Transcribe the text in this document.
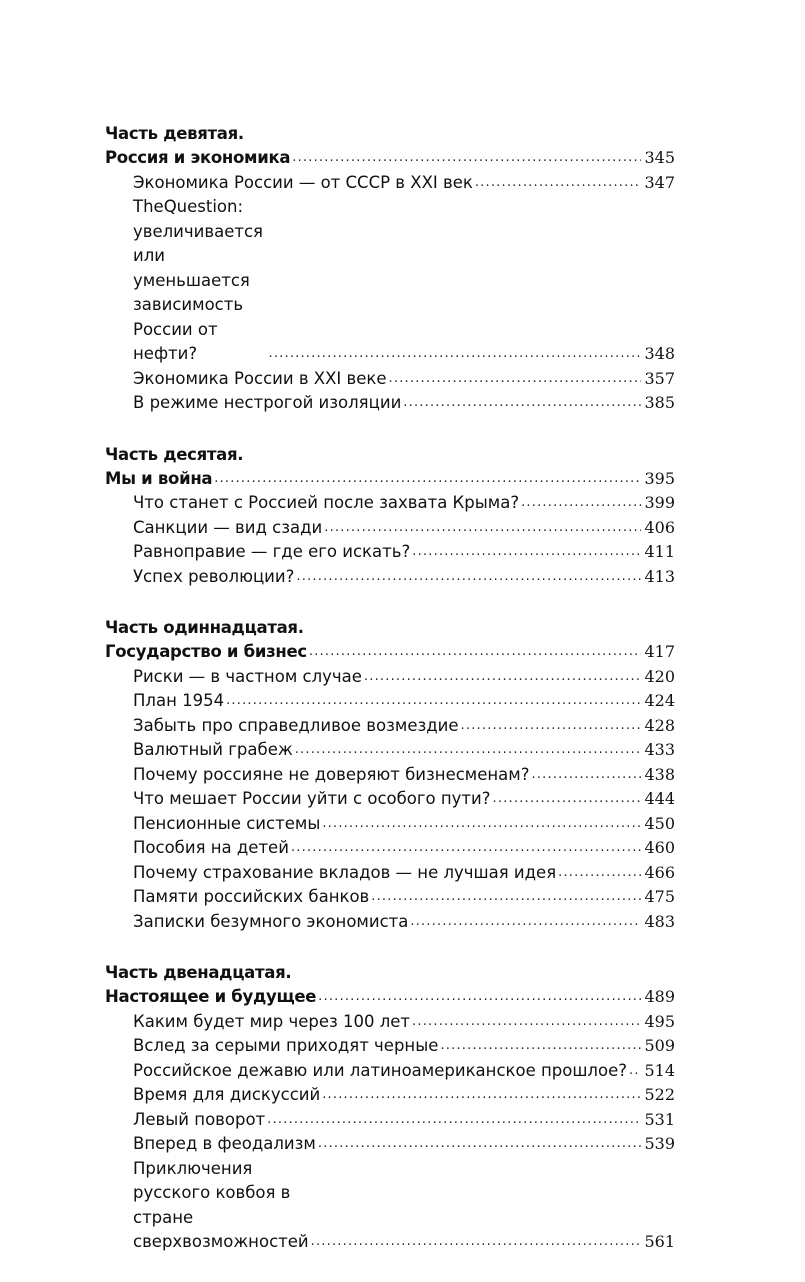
Часть девятая.
Россия и экономика .....	345
Экономика России — от СССР в XXI век .....	347
TheQuestion: увеличивается или уменьшается
зависимость России от нефти? .....	348
Экономика России в XXI веке .....	357
В режиме нестрогой изоляции .....	385
Часть десятая.
Мы и война .....	395
Что станет с Россией после захвата Крыма? .....	399
Санкции — вид сзади .....	406
Равноправие — где его искать? .....	411
Успех революции? .....	413
Часть одиннадцатая.
Государство и бизнес .....	417
Риски — в частном случае .....	420
План 1954 .....	424
Забыть про справедливое возмездие .....	428
Валютный грабеж .....	433
Почему россияне не доверяют бизнесменам? .....	438
Что мешает России уйти с особого пути? .....	444
Пенсионные системы .....	450
Пособия на детей .....	460
Почему страхование вкладов — не лучшая идея .....	466
Памяти российских банков .....	475
Записки безумного экономиста .....	483
Часть двенадцатая.
Настоящее и будущее .....	489
Каким будет мир через 100 лет .....	495
Вслед за серыми приходят черные .....	509
Российское дежавю или латиноамериканское прошлое? ..... 514
Время для дискуссий .....	522
Левый поворот .....	531
Вперед в феодализм .....	539
Приключения русского ковбоя в стране
сверхвозможностей .....	561
